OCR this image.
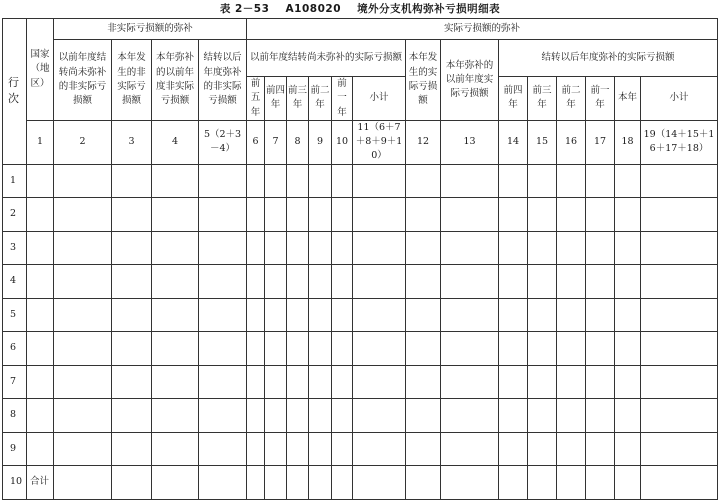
表 2－53 A108020 境外分支机构弥补亏损明细表
行次	国家（地区）	非实际亏损额的弥补				实际亏损额的弥补													
		以前年度结转尚未弥补的非实际亏损额	本年发生的非实际亏损额	本年弥补的以前年度非实际亏损额	结转以后年度弥补的非实际亏损额	以前年度结转尚未弥补的实际亏损额						本年发生的实际亏损额	本年弥补的以前年度实际亏损额	结转以后年度弥补的实际亏损额					
						前五年	前四年	前三年	前二年	前一年	小计			前四年	前三年	前二年	前一年	本年	小计
	1	2	3	4	5（2＋3－4）	6	7	8	9	10	11（6＋7＋8＋9＋10）	12	13	14	15	16	17	18	19（14＋15＋16＋17＋18）
1																			
2																			
3																			
4																			
5																			
6																			
7																			
8																			
9																			
10	合计																		
